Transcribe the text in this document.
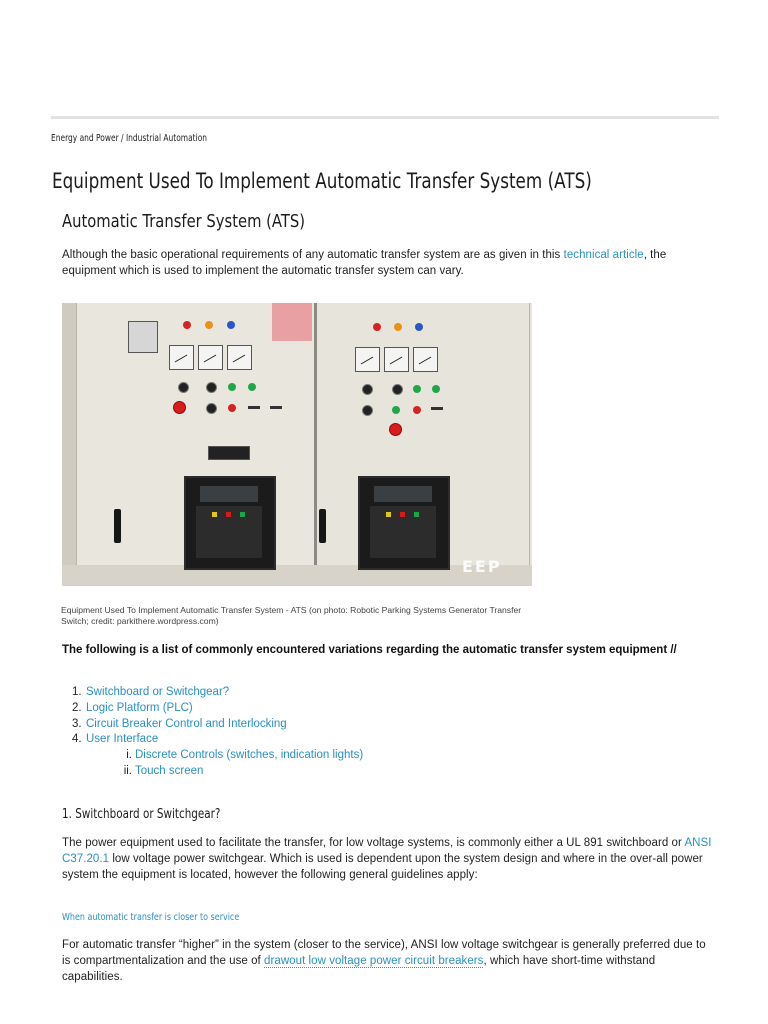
Energy and Power / Industrial Automation
Equipment Used To Implement Automatic Transfer System (ATS)
Automatic Transfer System (ATS)

Although the basic operational requirements of any automatic transfer system are as given in this technical article, the equipment which is used to implement the automatic transfer system can vary.

EEP

Equipment Used To Implement Automatic Transfer System - ATS (on photo: Robotic Parking Systems Generator Transfer Switch; credit: parkithere.wordpress.com)

The following is a list of commonly encountered variations regarding the automatic transfer system equipment //

1. Switchboard or Switchgear?
2. Logic Platform (PLC)
3. Circuit Breaker Control and Interlocking
4. User Interface
i. Discrete Controls (switches, indication lights)
ii. Touch screen
1. Switchboard or Switchgear?

The power equipment used to facilitate the transfer, for low voltage systems, is commonly either a UL 891 switchboard or ANSI C37.20.1 low voltage power switchgear. Which is used is dependent upon the system design and where in the over-all power system the equipment is located, however the following general guidelines apply:

When automatic transfer is closer to service

For automatic transfer “higher” in the system (closer to the service), ANSI low voltage switchgear is generally preferred due to is compartmentalization and the use of drawout low voltage power circuit breakers, which have short-time withstand capabilities.
